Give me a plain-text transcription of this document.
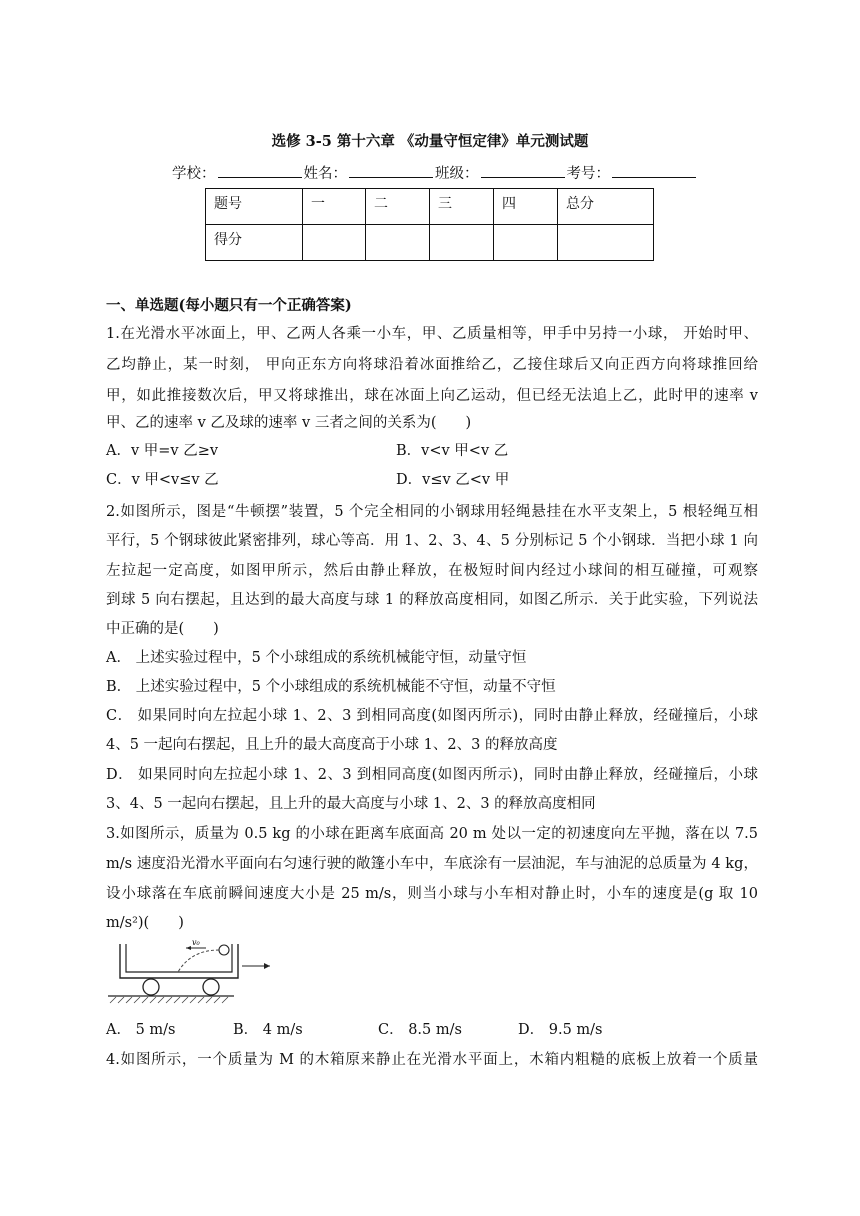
选修 3-5 第十六章 《动量守恒定律》单元测试题
学校：	姓名：	班级：	考号：
题号	一	二	三	四	总分
得分					
一、单选题(每小题只有一个正确答案)
1.在光滑水平冰面上，甲、乙两人各乘一小车，甲、乙质量相等，甲手中另持一小球， 开始时甲、
乙均静止，某一时刻， 甲向正东方向将球沿着冰面推给乙，乙接住球后又向正西方向将球推回给
甲，如此推接数次后，甲又将球推出，球在冰面上向乙运动，但已经无法追上乙，此时甲的速率 v
甲、乙的速率 v 乙及球的速率 v 三者之间的关系为(　　)
A．v 甲=v 乙≥v	B．v<v 甲<v 乙
C．v 甲<v≤v 乙	D．v≤v 乙<v 甲
2.如图所示，图是“牛顿摆”装置，5 个完全相同的小钢球用轻绳悬挂在水平支架上，5 根轻绳互相
平行，5 个钢球彼此紧密排列，球心等高．用 1、2、3、4、5 分别标记 5 个小钢球．当把小球 1 向
左拉起一定高度，如图甲所示，然后由静止释放，在极短时间内经过小球间的相互碰撞，可观察
到球 5 向右摆起，且达到的最大高度与球 1 的释放高度相同，如图乙所示．关于此实验，下列说法
中正确的是(　　)
A． 上述实验过程中，5 个小球组成的系统机械能守恒，动量守恒
B． 上述实验过程中，5 个小球组成的系统机械能不守恒，动量不守恒
C． 如果同时向左拉起小球 1、2、3 到相同高度(如图丙所示)，同时由静止释放，经碰撞后，小球
4、5 一起向右摆起，且上升的最大高度高于小球 1、2、3 的释放高度
D． 如果同时向左拉起小球 1、2、3 到相同高度(如图丙所示)，同时由静止释放，经碰撞后，小球
3、4、5 一起向右摆起，且上升的最大高度与小球 1、2、3 的释放高度相同
3.如图所示，质量为 0.5 kg 的小球在距离车底面高 20 m 处以一定的初速度向左平抛，落在以 7.5
m/s 速度沿光滑水平面向右匀速行驶的敞篷小车中，车底涂有一层油泥，车与油泥的总质量为 4 kg，
设小球落在车底前瞬间速度大小是 25 m/s，则当小球与小车相对静止时，小车的速度是(g 取 10
m/s²)(　　)
v₀
A． 5 m/s	B． 4 m/s	C． 8.5 m/s	D． 9.5 m/s
4.如图所示，一个质量为 M 的木箱原来静止在光滑水平面上，木箱内粗糙的底板上放着一个质量
